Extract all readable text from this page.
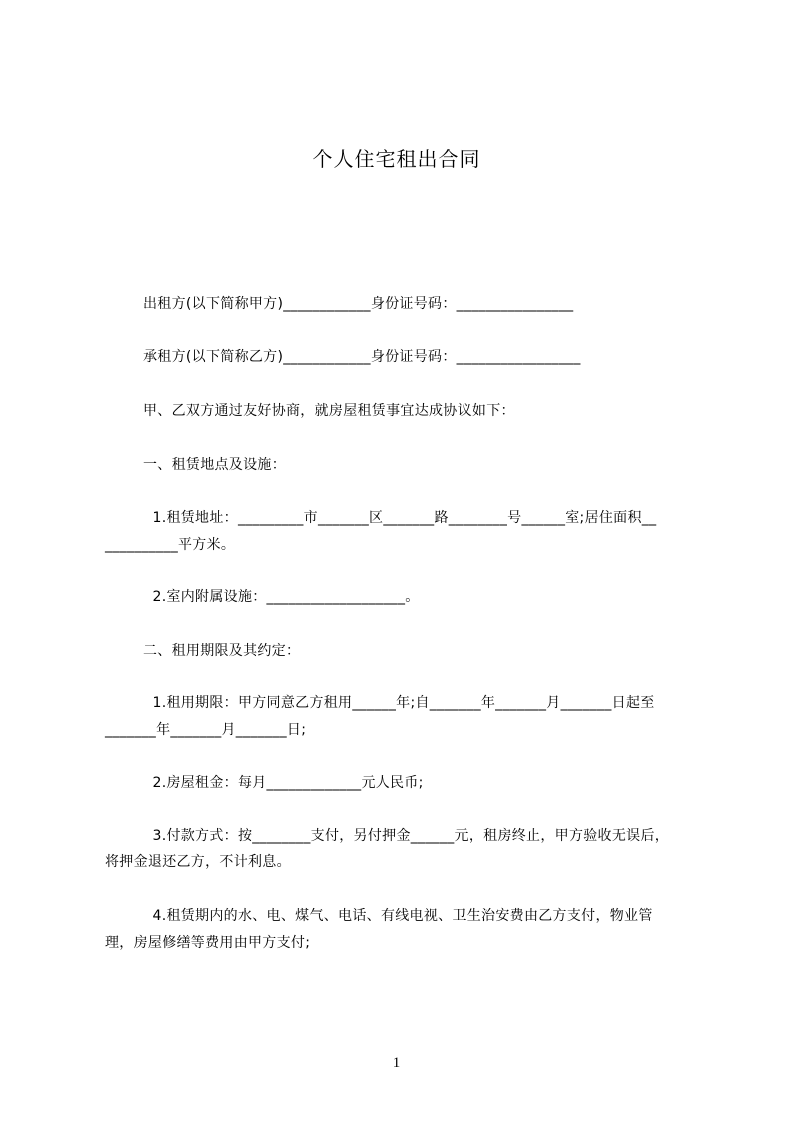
个人住宅租出合同
出租方(以下简称甲方)____________身份证号码：________________
承租方(以下简称乙方)____________身份证号码：_________________
甲、乙双方通过友好协商，就房屋租赁事宜达成协议如下：
一、租赁地点及设施：
1.租赁地址：_________市_______区_______路________号______室;居住面积__
__________平方米。
2.室内附属设施：___________________。
二、租用期限及其约定：
1.租用期限：甲方同意乙方租用______年;自_______年_______月_______日起至
_______年_______月_______日;
2.房屋租金：每月_____________元人民币;
3.付款方式：按________支付，另付押金______元，租房终止，甲方验收无误后，
将押金退还乙方，不计利息。
4.租赁期内的水、电、煤气、电话、有线电视、卫生治安费由乙方支付，物业管
理，房屋修缮等费用由甲方支付;
1
